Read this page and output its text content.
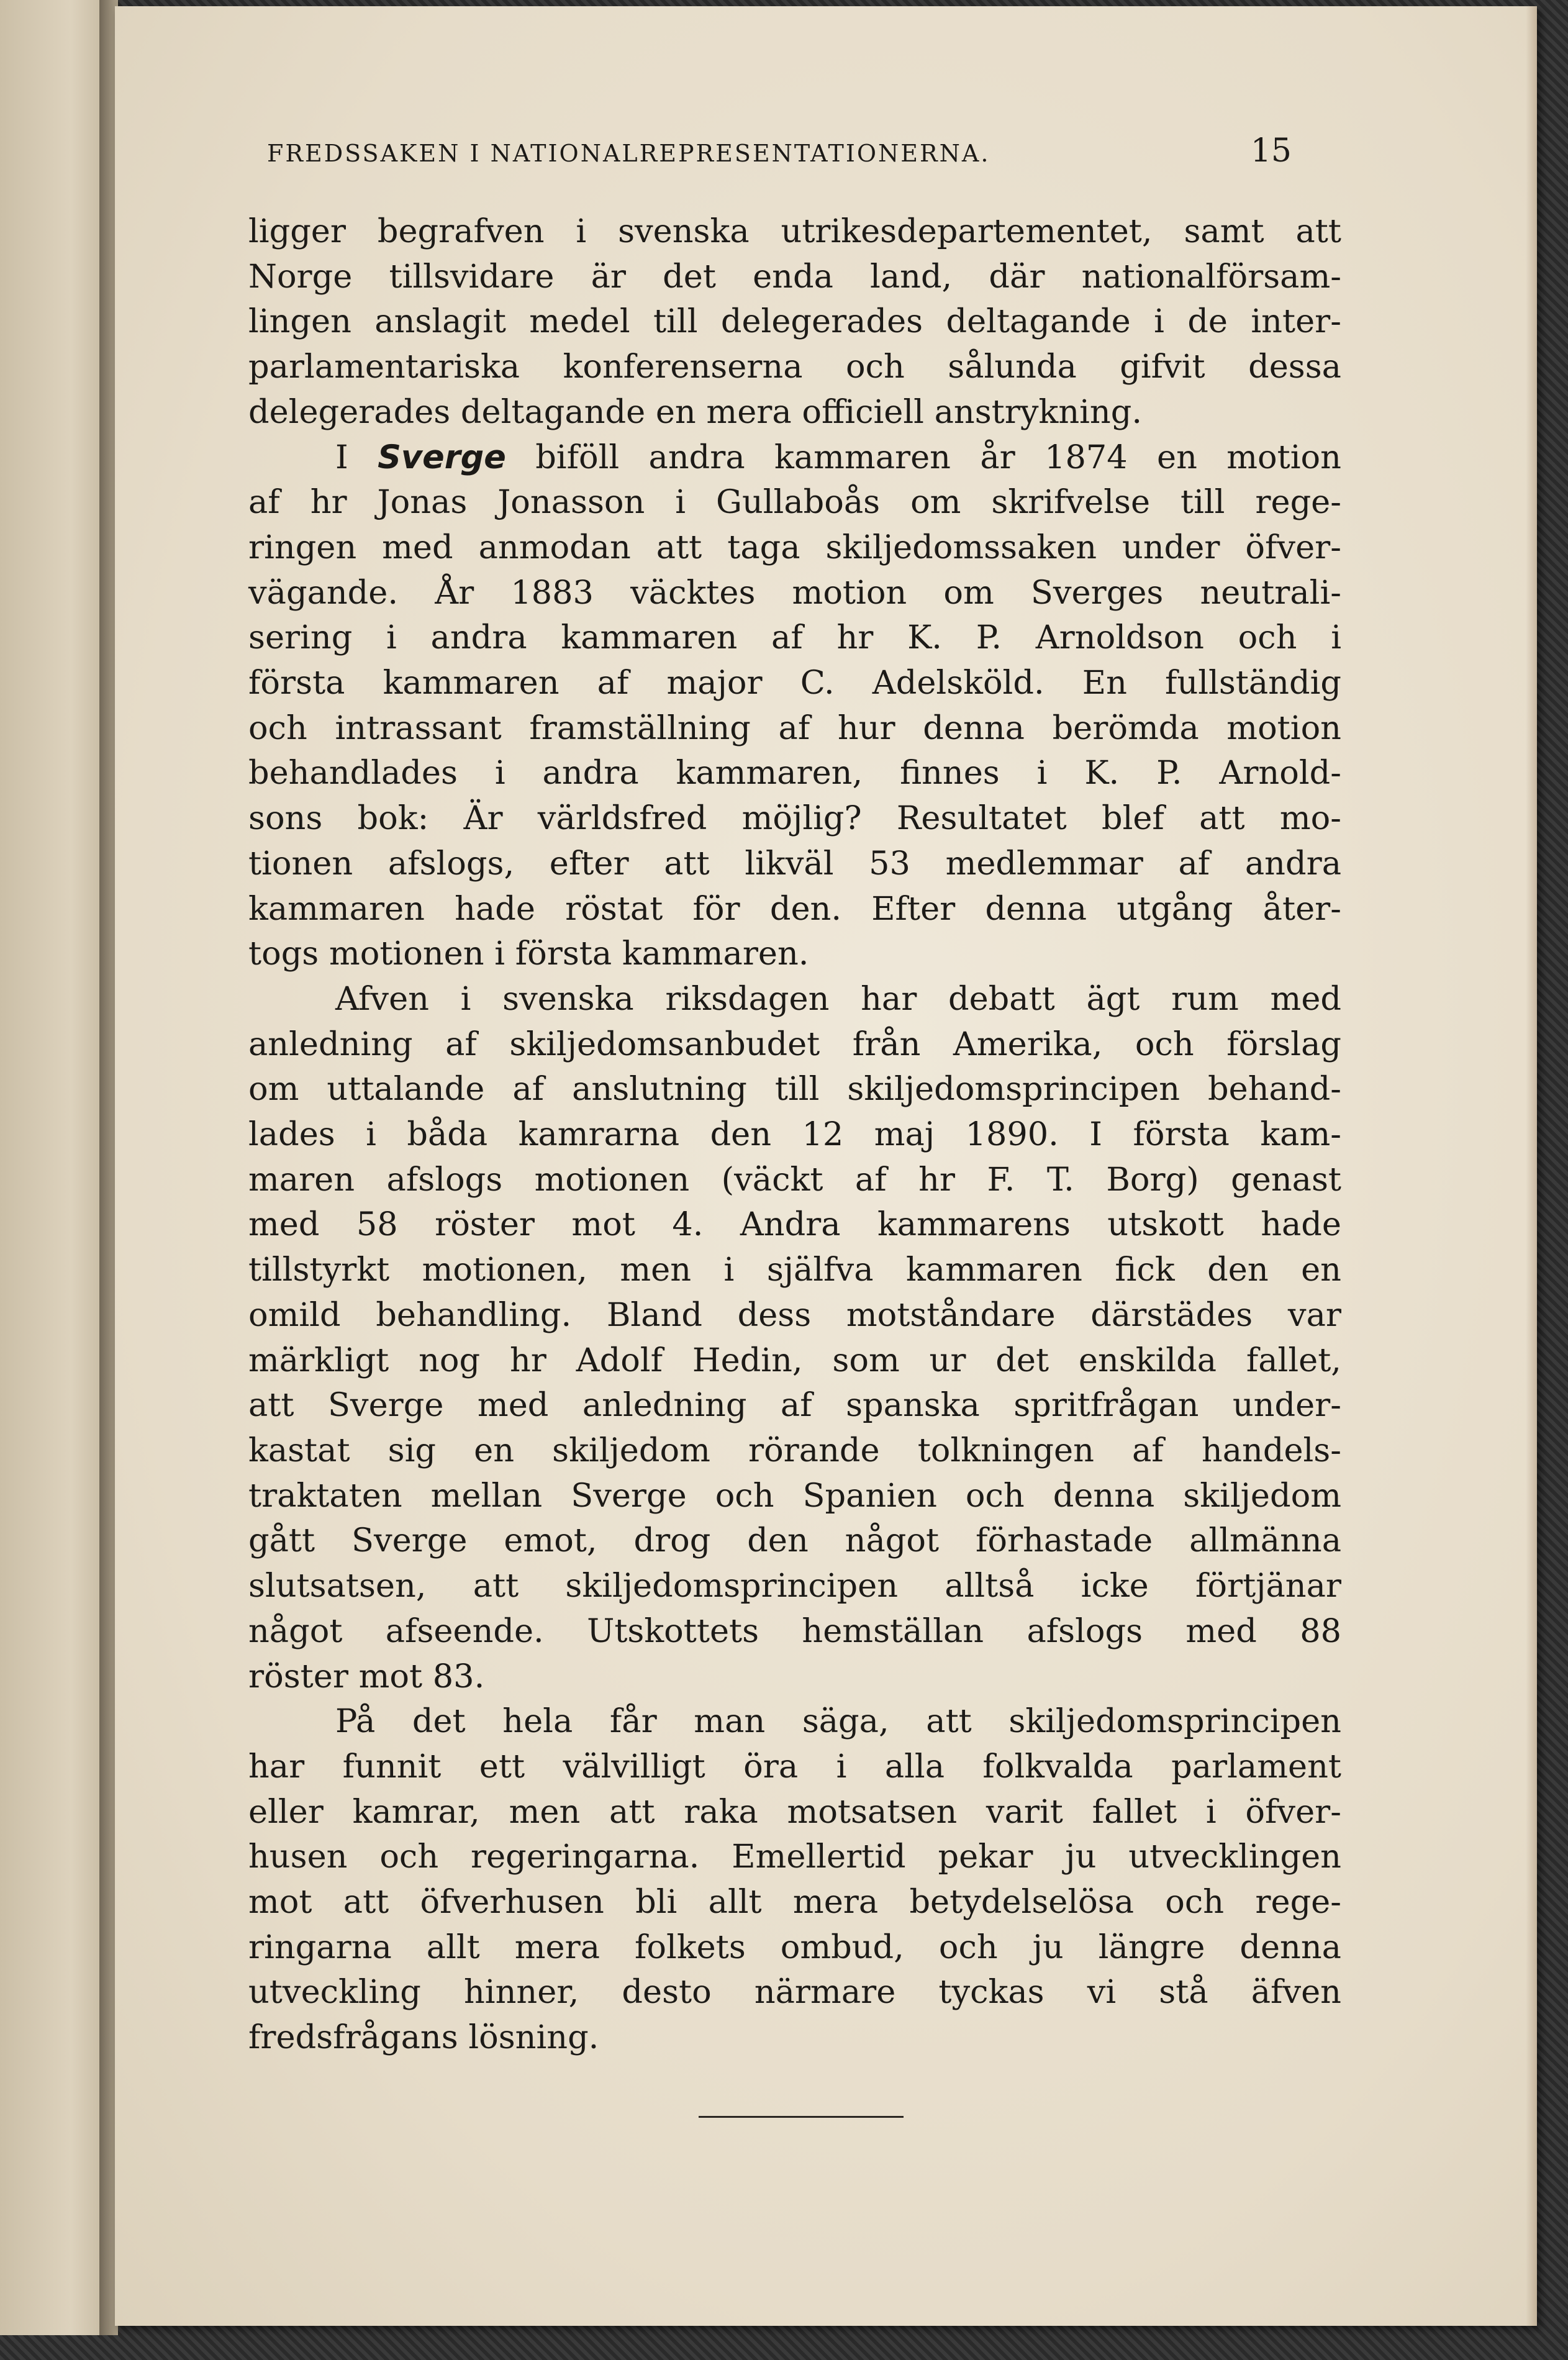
FREDSSAKEN I NATIONALREPRESENTATIONERNA.	15
ligger begrafven i svenska utrikesdepartementet, samt att
Norge tillsvidare är det enda land, där nationalförsam-
lingen anslagit medel till delegerades deltagande i de inter-
parlamentariska konferenserna och sålunda gifvit dessa
delegerades deltagande en mera officiell anstrykning.
I Sverge biföll andra kammaren år 1874 en motion
af hr Jonas Jonasson i Gullaboås om skrifvelse till rege-
ringen med anmodan att taga skiljedomssaken under öfver-
vägande. År 1883 väcktes motion om Sverges neutrali-
sering i andra kammaren af hr K. P. Arnoldson och i
första kammaren af major C. Adelsköld. En fullständig
och intrassant framställning af hur denna berömda motion
behandlades i andra kammaren, finnes i K. P. Arnold-
sons bok: Är världsfred möjlig? Resultatet blef att mo-
tionen afslogs, efter att likväl 53 medlemmar af andra
kammaren hade röstat för den. Efter denna utgång åter-
togs motionen i första kammaren.
Afven i svenska riksdagen har debatt ägt rum med
anledning af skiljedomsanbudet från Amerika, och förslag
om uttalande af anslutning till skiljedomsprincipen behand-
lades i båda kamrarna den 12 maj 1890. I första kam-
maren afslogs motionen (väckt af hr F. T. Borg) genast
med 58 röster mot 4. Andra kammarens utskott hade
tillstyrkt motionen, men i själfva kammaren fick den en
omild behandling. Bland dess motståndare därstädes var
märkligt nog hr Adolf Hedin, som ur det enskilda fallet,
att Sverge med anledning af spanska spritfrågan under-
kastat sig en skiljedom rörande tolkningen af handels-
traktaten mellan Sverge och Spanien och denna skiljedom
gått Sverge emot, drog den något förhastade allmänna
slutsatsen, att skiljedomsprincipen alltså icke förtjänar
något afseende. Utskottets hemställan afslogs med 88
röster mot 83.
På det hela får man säga, att skiljedomsprincipen
har funnit ett välvilligt öra i alla folkvalda parlament
eller kamrar, men att raka motsatsen varit fallet i öfver-
husen och regeringarna. Emellertid pekar ju utvecklingen
mot att öfverhusen bli allt mera betydelselösa och rege-
ringarna allt mera folkets ombud, och ju längre denna
utveckling hinner, desto närmare tyckas vi stå äfven
fredsfrågans lösning.
